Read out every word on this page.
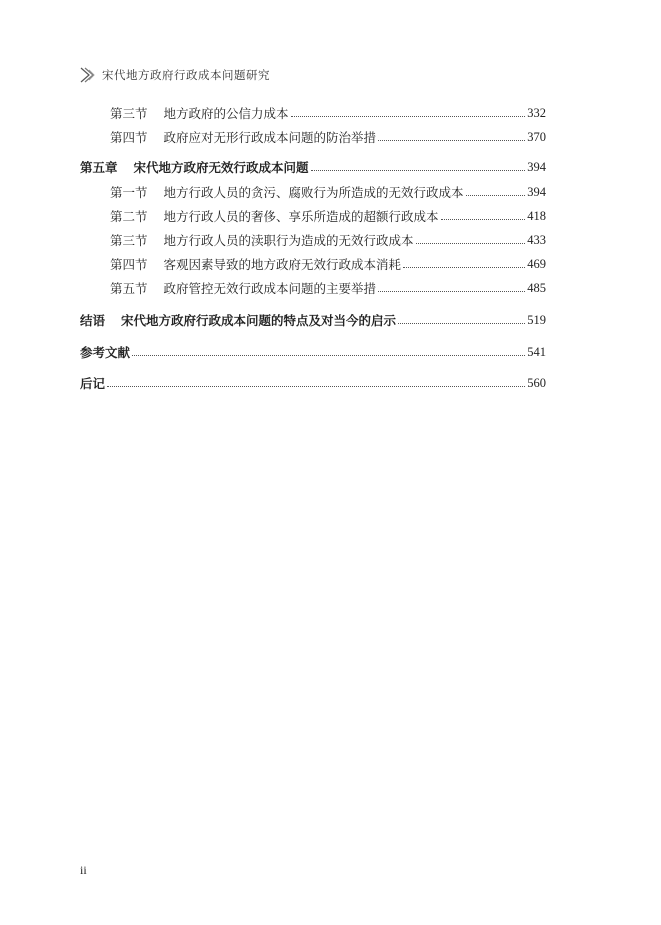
宋代地方政府行政成本问题研究
第三节 地方政府的公信力成本	332
第四节 政府应对无形行政成本问题的防治举措	370
第五章 宋代地方政府无效行政成本问题	394
第一节 地方行政人员的贪污、腐败行为所造成的无效行政成本	394
第二节 地方行政人员的奢侈、享乐所造成的超额行政成本	418
第三节 地方行政人员的渎职行为造成的无效行政成本	433
第四节 客观因素导致的地方政府无效行政成本消耗	469
第五节 政府管控无效行政成本问题的主要举措	485
结语 宋代地方政府行政成本问题的特点及对当今的启示	519
参考文献	541
后记	560
ii
